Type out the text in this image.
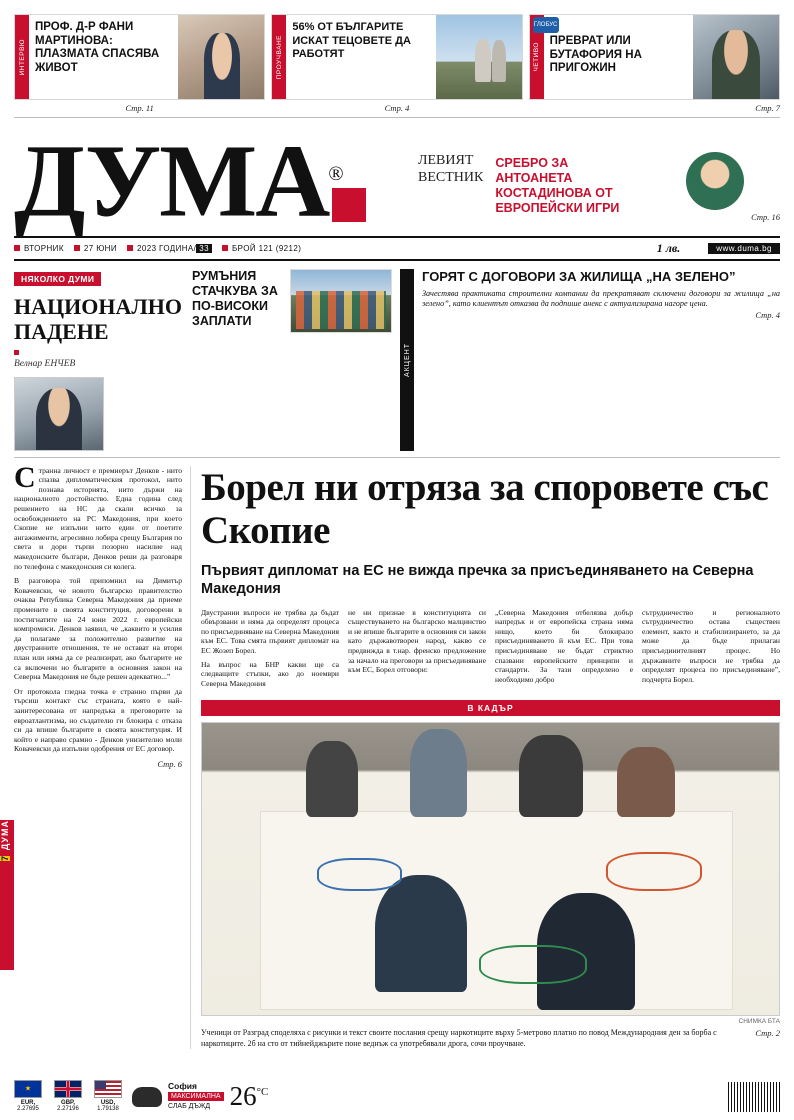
ИНТЕРВЮ
ПРОФ. Д-Р ФАНИ МАРТИНОВА: ПЛАЗМАТА СПАСЯВА ЖИВОТ	ПРОУЧВАНЕ
56% ОТ БЪЛГАРИТЕ ИСКАТ ТЕЦОВЕТЕ ДА РАБОТЯТ	ЧЕТИВО
ГЛОБУС
ПРЕВРАТ ИЛИ БУТАФОРИЯ НА ПРИГОЖИН
Стр. 11	Стр. 4	Стр. 7
ДУМА®
ЛЕВИЯТ
ВЕСТНИК
СРЕБРО ЗА АНТОАНЕТА КОСТАДИНОВА ОТ ЕВРОПЕЙСКИ ИГРИ
Стр. 16
ВТОРНИК	27 ЮНИ	2023 ГОДИНА/ 33	БРОЙ 121 (9212)	1 лв.	www.duma.bg
НЯКОЛКО ДУМИ
НАЦИОНАЛНО ПАДЕНЕ
Велнар ЕНЧЕВ
РУМЪНИЯ СТАЧКУВА ЗА ПО-ВИСОКИ ЗАПЛАТИ
АКЦЕНТ
ГОРЯТ С ДОГОВОРИ ЗА ЖИЛИЩА „НА ЗЕЛЕНО”
Зачестява практиката строителни компании да прекратяват сключени договори за жилища „на зелено”, като клиентът отказва да подпише анекс с актуализирана нагоре цена.
Стр. 4

Странна личност е премиерът Денков - нито спазва дипломатическия протокол, нито познава историята, нито държи на националното достойнство. Една година след решението на НС да скали всичко за освобождението на РС Македония, при което Скопие не изпълни нито един от поетите ангажименти, агресивно лобира срещу България по света и дори търпи позорно насилие над македонските българи, Денков реши да разговаря по телефона с македонския си колега.

В разговора той припомнил на Димитър Ковачевски, че новото българско правителство очаква Република Северна Македония да приеме промените в своята конституция, договорени в постигнатите на 24 юни 2022 г. европейски компромиси. Денков заявил, че „каквито и усилия да полагаме за положително развитие на двустранните отношения, те не остават на втори план или няма да се реализират, ако българите не са включени но българите в основния закон на Северна Македония не бъде решен адекватно...”

От протокола гледна точка е странно първи да търсиш контакт със страната, която е най-заинтересована от напредъка в преговорите за евроатлантизма, но създателю ги блокира с отказа си да впише българите в своята конституция. И който е направо срамно - Денков унизително моли Ковачевски да изпълни одобрения от ЕС договор.

Стр. 6
Борел ни отряза за споровете със Скопие
Първият дипломат на ЕС не вижда пречка за присъединяването на Северна Македония

Двустранни въпроси не трябва да бъдат обвързвани и няма да определят процеса по присъединяване на Северна Македония към ЕС. Това смята първият дипломат на ЕС Жозеп Борел.

На въпрос на БНР какви ще са следващите стъпки, ако до ноември Северна Македония

не ни признае в конституцията си съществуването на българско малцинство и не впише българите в основния си закон като държавотворен народ, какво се предвижда в т.нар. френско предложение за начало на преговори за присъединяване към ЕС, Борел отговори:

„Северна Македония отбелязва добър напредък и от европейска страна няма нищо, което би блокирало присъединяването й към ЕС. При това присъединяване не бъдат стриктно спазвани европейските принципи и стандарти. За тази определено е необходимо добро

сътрудничество и регионалното сътрудничество остава съществен елемент, както и стабилизирането, за да може да бъде прилаган присъединителният процес. Но държавните въпроси не трябва да определят процеса по присъединяване”, подчерта Борел.

В КАДЪР
СНИМКА БТА

Ученици от Разград споделяха с рисунки и текст своите послания срещу наркотиците върху 5-метрово платно по повод Международния ден за борба с наркотиците. 2б на сто от тийнейджърите поне веднъж са употребявали дрога, сочи проучване.

Стр. 2
ДУМА
7
★
EUR,
2.27695
GBP,
2.27196
USD,
1.79138
София
МАКСИМАЛНА
СЛАБ ДЪЖД $26^{^\circ C}$
